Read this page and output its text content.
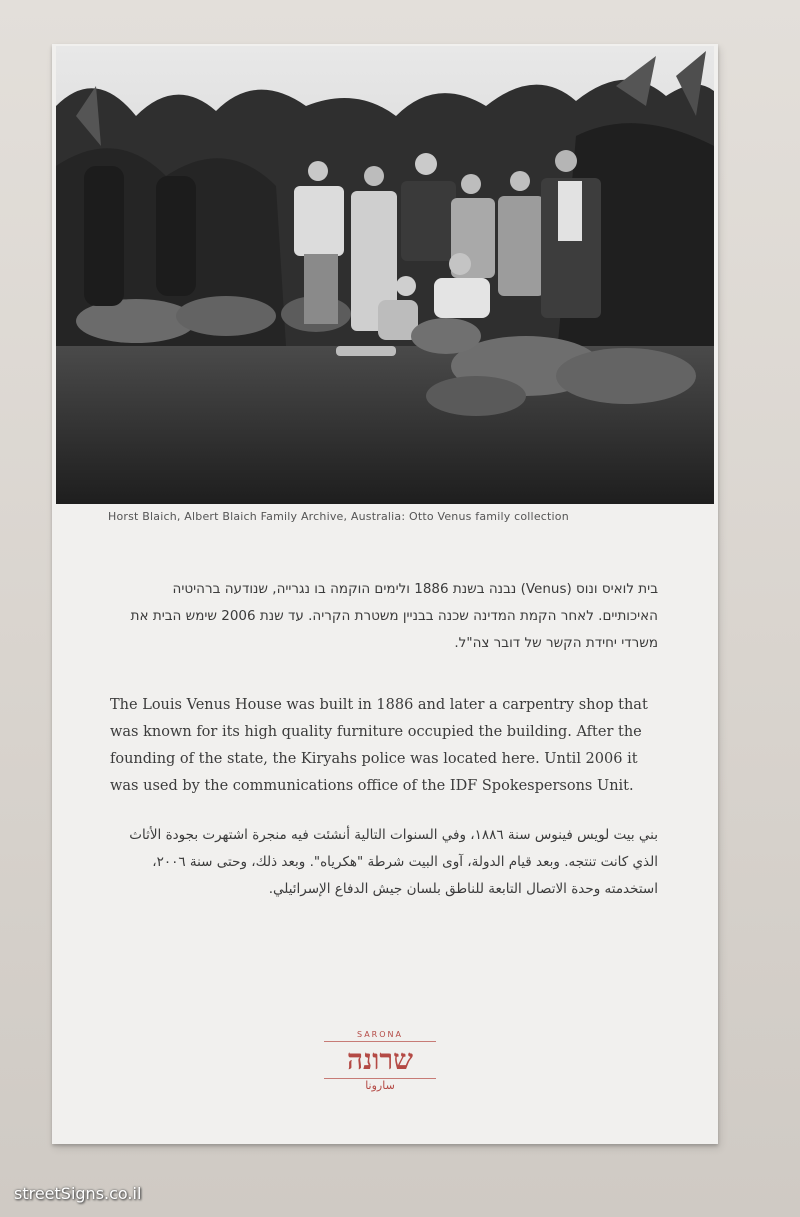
Horst Blaich, Albert Blaich Family Archive, Australia: Otto Venus family collection
בית לואיס ונוס (Venus) נבנה בשנת 1886 ולימים הוקמה בו נגרייה, שנודעה ברהיטיה האיכותיים. לאחר הקמת המדינה שכנה בבניין משטרת הקריה. עד שנת 2006 שימש הבית את משרדי יחידת הקשר של דובר צה"ל.
The Louis Venus House was built in 1886 and later a carpentry shop that was known for its high quality furniture occupied the building. After the founding of the state, the Kiryahs police was located here. Until 2006 it was used by the communications office of the IDF Spokespersons Unit.
بني بيت لويس فينوس سنة ١٨٨٦، وفي السنوات التالية أنشئت فيه منجرة اشتهرت بجودة الأثاث الذي كانت تنتجه. وبعد قيام الدولة، آوى البيت شرطة "هكرياه". وبعد ذلك، وحتى سنة ٢٠٠٦، استخدمته وحدة الاتصال التابعة للناطق بلسان جيش الدفاع الإسرائيلي.
SARONA
שרונה
سارونا
streetSigns.co.il
